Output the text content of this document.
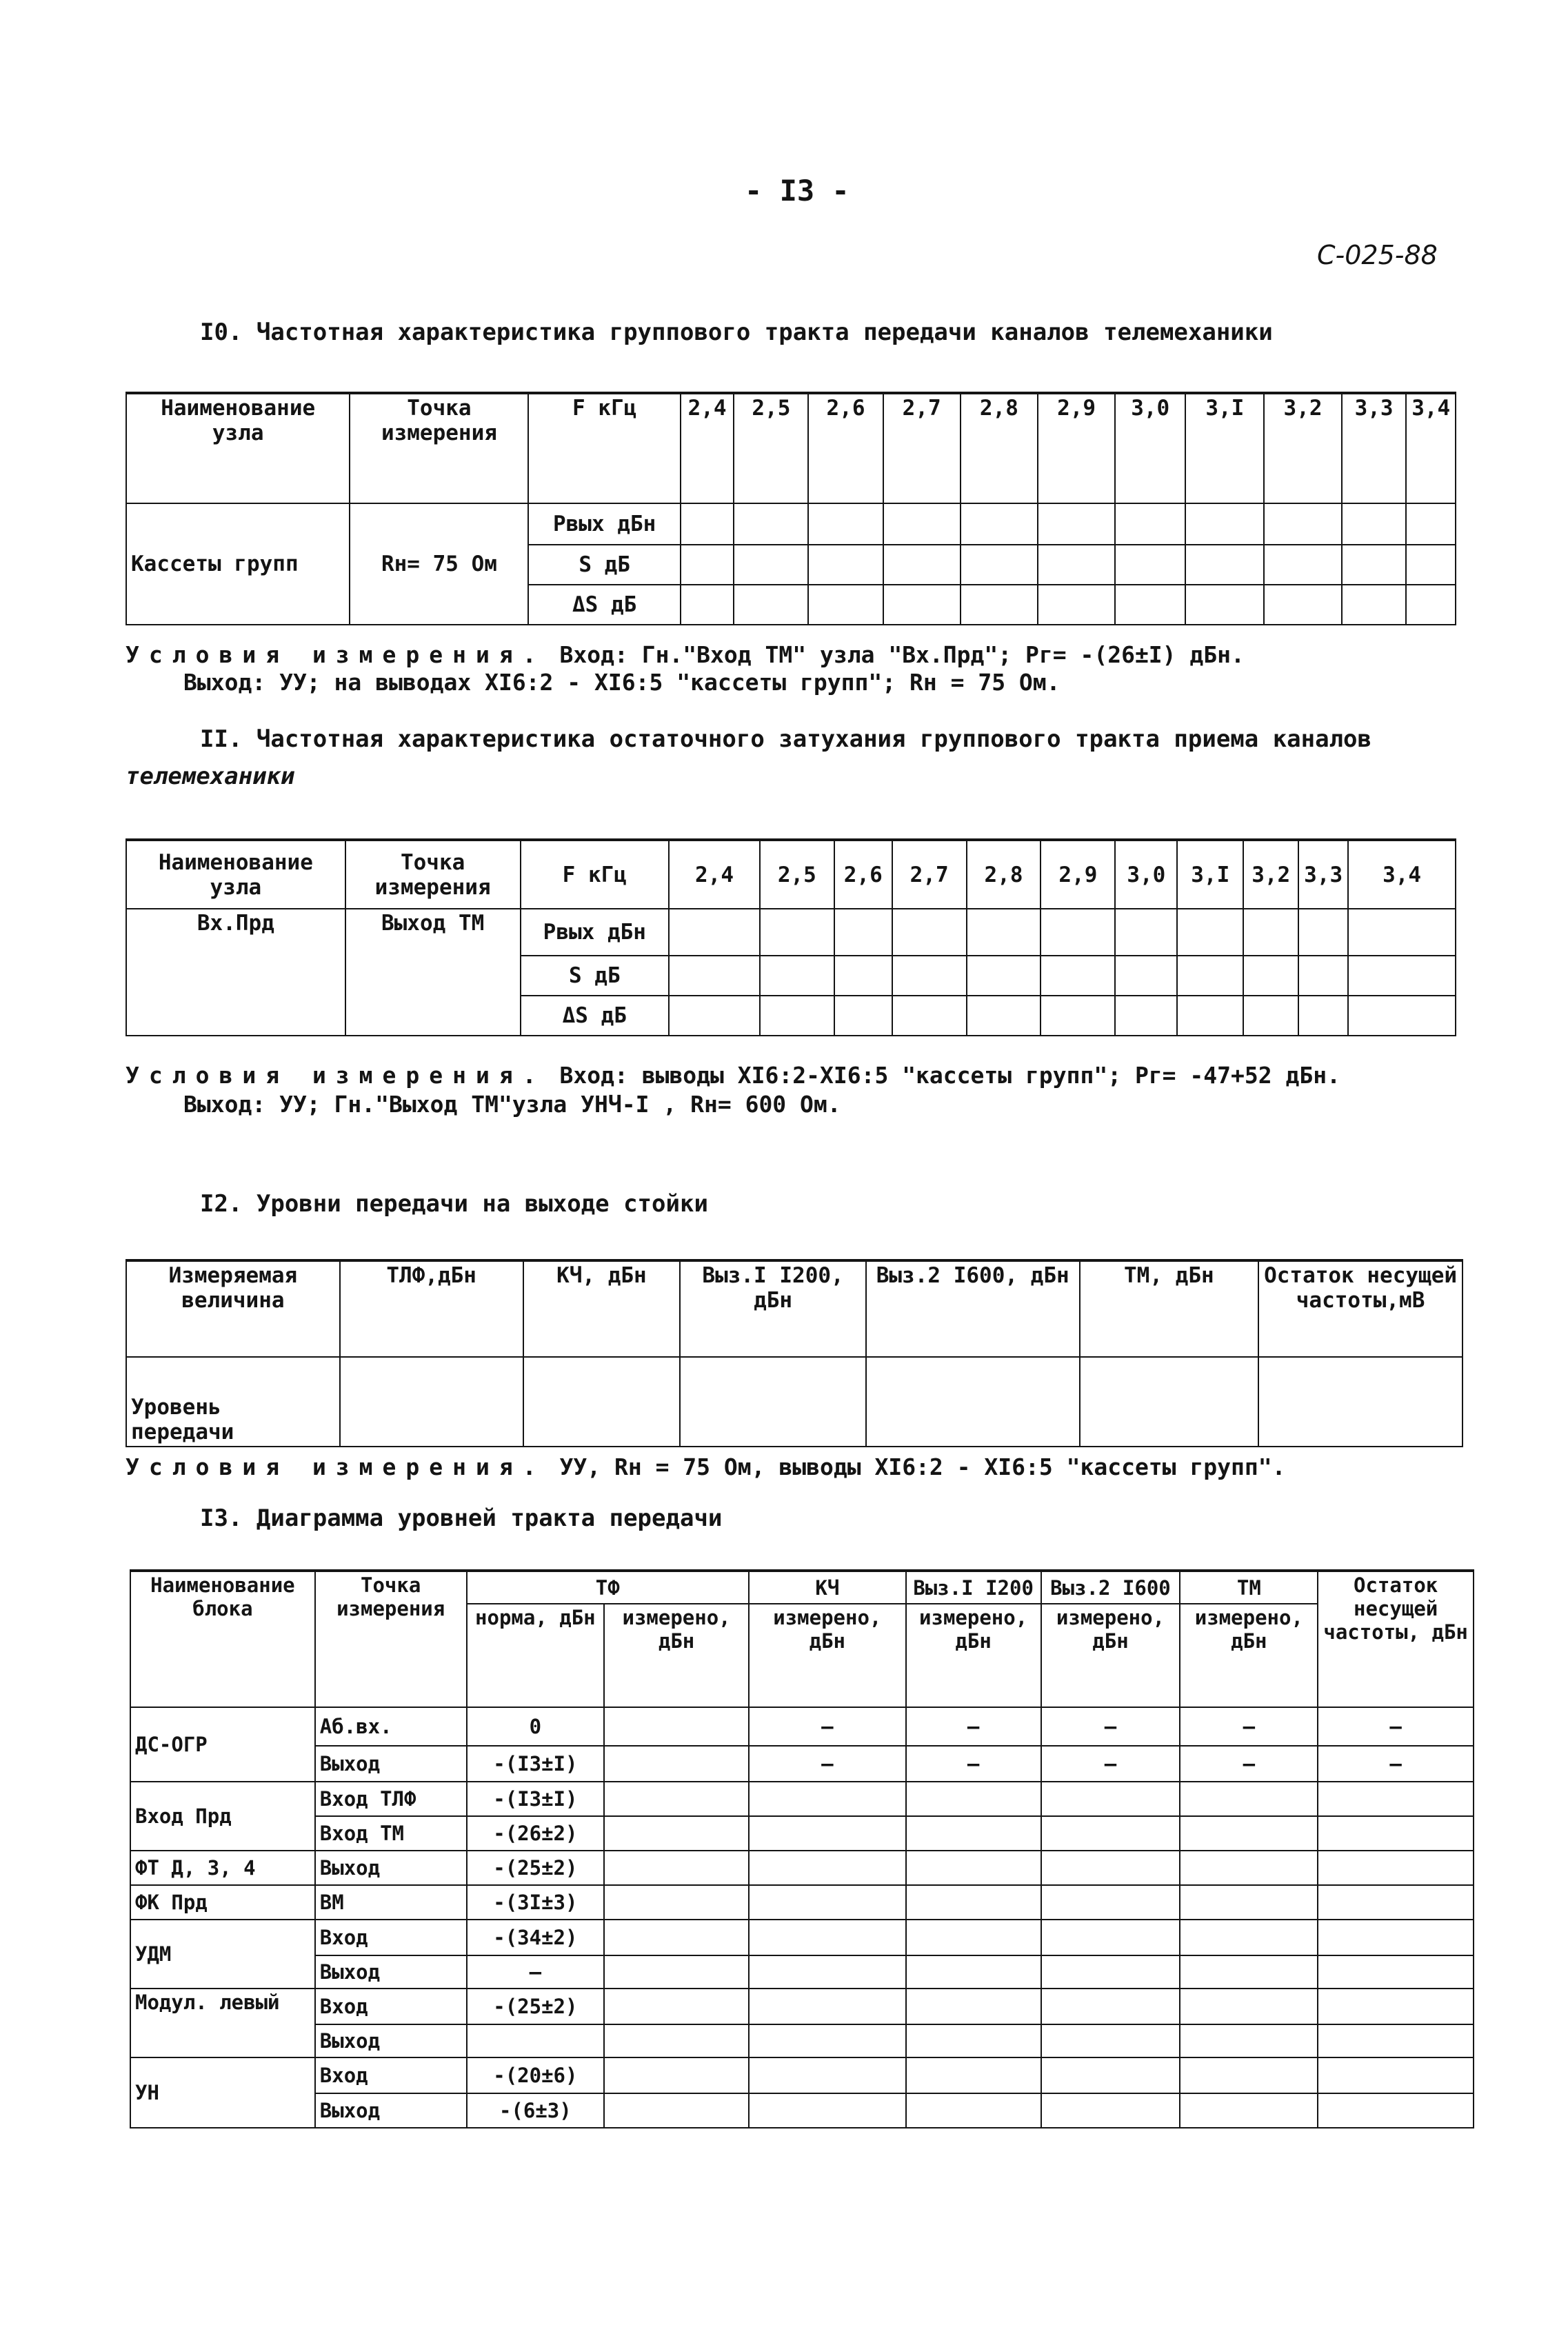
- I3 -
С-025-88
I0. Частотная характеристика группового тракта передачи каналов телемеханики
Наименование узла	Точка измерения	F кГц	2,4	2,5	2,6	2,7	2,8	2,9	3,0	3,I	3,2	3,3	3,4
Кассеты групп	Rн= 75 Ом	Pвых дБн											
		S дБ											
		ΔS дБ											
Условия измерения. Вход: Гн."Вход ТМ" узла "Вх.Прд"; Pг= -(26±I) дБн.
Выход: УУ; на выводах XI6:2 - XI6:5 "кассеты групп"; Rн = 75 Ом.
II. Частотная характеристика остаточного затухания группового тракта приема каналов
телемеханики
Наименование узла	Точка измерения	F кГц	2,4	2,5	2,6	2,7	2,8	2,9	3,0	3,I	3,2	3,3	3,4
Вх.Прд	Выход ТМ	Pвых дБн											
		S дБ											
		ΔS дБ											
Условия измерения. Вход: выводы XI6:2-XI6:5 "кассеты групп"; Pг= -47+52 дБн.
Выход: УУ; Гн."Выход ТМ"узла УНЧ-I , Rн= 600 Ом.
I2. Уровни передачи на выходе стойки
Измеряемая величина	ТЛФ,дБн	КЧ, дБн	Выз.I I200, дБн	Выз.2 I600, дБн	ТМ, дБн	Остаток несущей частоты,мВ
Уровень передачи						
Условия измерения. УУ, Rн = 75 Ом, выводы XI6:2 - XI6:5 "кассеты групп".
I3. Диаграмма уровней тракта передачи
Наименование блока	Точка измерения	ТФ		КЧ	Выз.I I200	Выз.2 I600	ТМ	Остаток несущей частоты, дБн
		норма, дБн	измерено, дБн	измерено, дБн	измерено, дБн	измерено, дБн	измерено, дБн	
ДС-ОГР	Аб.вх.	0		–	–	–	–	–
	Выход	-(I3±I)		–	–	–	–	–
Вход Прд	Вход ТЛФ	-(I3±I)						
	Вход ТМ	-(26±2)						
ФТ Д, З, 4	Выход	-(25±2)						
ФК Прд	ВМ	-(3I±3)						
УДМ	Вход	-(34±2)						
	Выход	–						
Модул. левый	Вход	-(25±2)						
	Выход							
УН	Вход	-(20±6)						
	Выход	-(6±3)						
